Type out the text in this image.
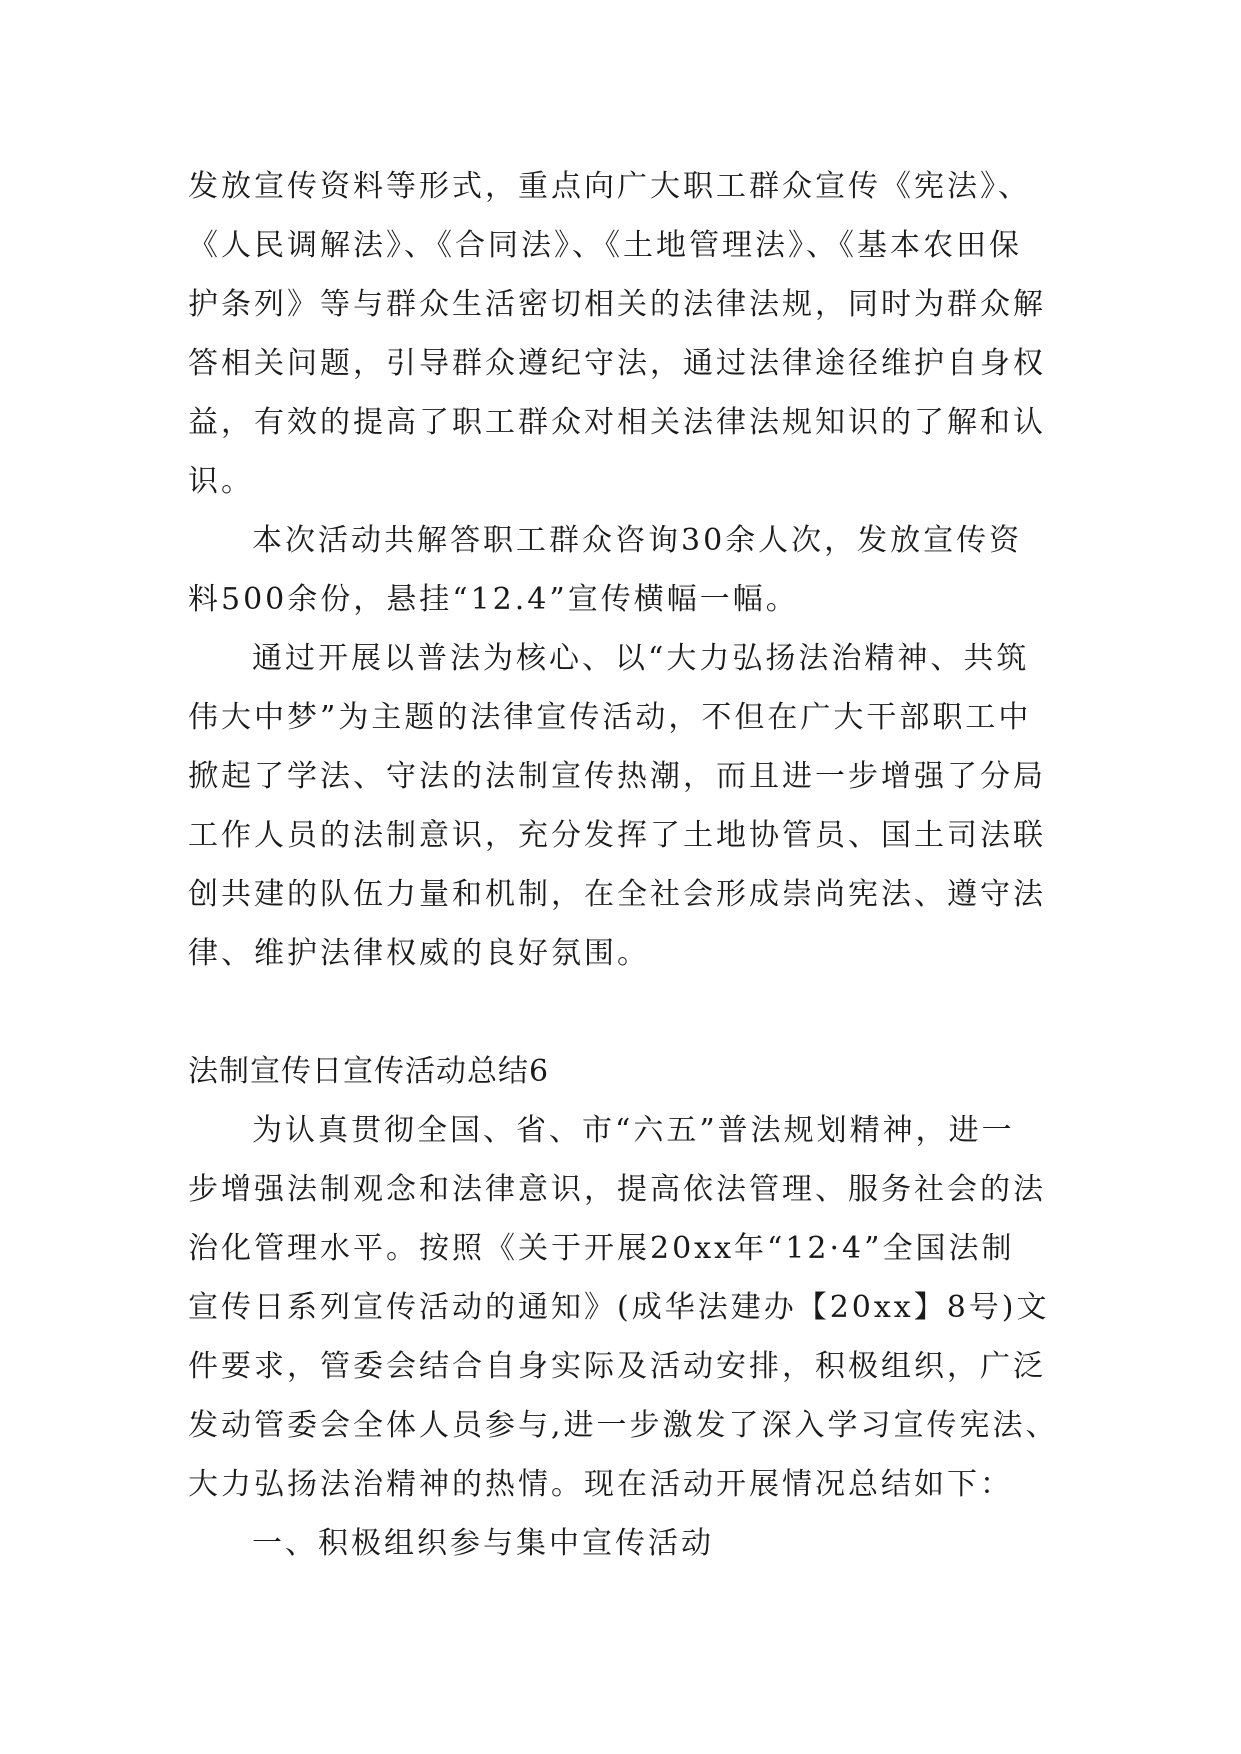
发放宣传资料等形式，重点向广大职工群众宣传《宪法》、
《人民调解法》、《合同法》、《土地管理法》、《基本农田保
护条列》等与群众生活密切相关的法律法规，同时为群众解
答相关问题，引导群众遵纪守法，通过法律途径维护自身权
益，有效的提高了职工群众对相关法律法规知识的了解和认
识。
本次活动共解答职工群众咨询30余人次，发放宣传资
料500余份，悬挂“12.4”宣传横幅一幅。
通过开展以普法为核心、以“大力弘扬法治精神、共筑
伟大中梦”为主题的法律宣传活动，不但在广大干部职工中
掀起了学法、守法的法制宣传热潮，而且进一步增强了分局
工作人员的法制意识，充分发挥了土地协管员、国土司法联
创共建的队伍力量和机制，在全社会形成崇尚宪法、遵守法
律、维护法律权威的良好氛围。
法制宣传日宣传活动总结6
为认真贯彻全国、省、市“六五”普法规划精神，进一
步增强法制观念和法律意识，提高依法管理、服务社会的法
治化管理水平。按照《关于开展20xx年“12·4”全国法制
宣传日系列宣传活动的通知》(成华法建办【20xx】8号)文
件要求，管委会结合自身实际及活动安排，积极组织，广泛
发动管委会全体人员参与,进一步激发了深入学习宣传宪法、
大力弘扬法治精神的热情。现在活动开展情况总结如下：
一、积极组织参与集中宣传活动
